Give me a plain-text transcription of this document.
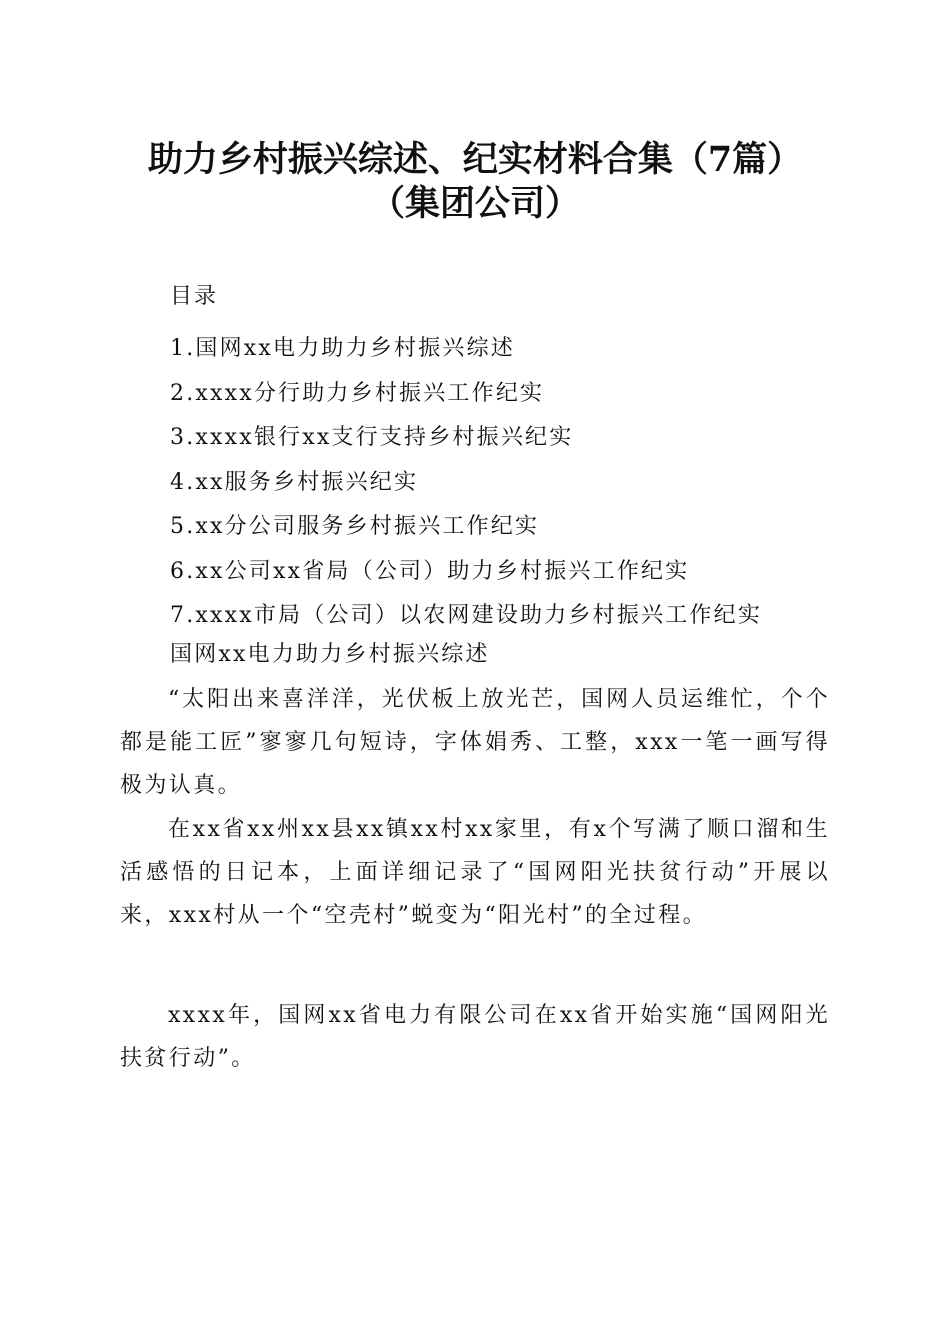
助力乡村振兴综述、纪实材料合集（7篇）
（集团公司）

目录

1.国网xx电力助力乡村振兴综述
2.xxxx分行助力乡村振兴工作纪实
3.xxxx银行xx支行支持乡村振兴纪实
4.xx服务乡村振兴纪实
5.xx分公司服务乡村振兴工作纪实
6.xx公司xx省局（公司）助力乡村振兴工作纪实
7.xxxx市局（公司）以农网建设助力乡村振兴工作纪实

国网xx电力助力乡村振兴综述

“太阳出来喜洋洋，光伏板上放光芒，国网人员运维忙，个个都是能工匠”寥寥几句短诗，字体娟秀、工整，xxx一笔一画写得极为认真。

在xx省xx州xx县xx镇xx村xx家里，有x个写满了顺口溜和生活感悟的日记本，上面详细记录了“国网阳光扶贫行动”开展以来，xxx村从一个“空壳村”蜕变为“阳光村”的全过程。

xxxx年，国网xx省电力有限公司在xx省开始实施“国网阳光扶贫行动”。
